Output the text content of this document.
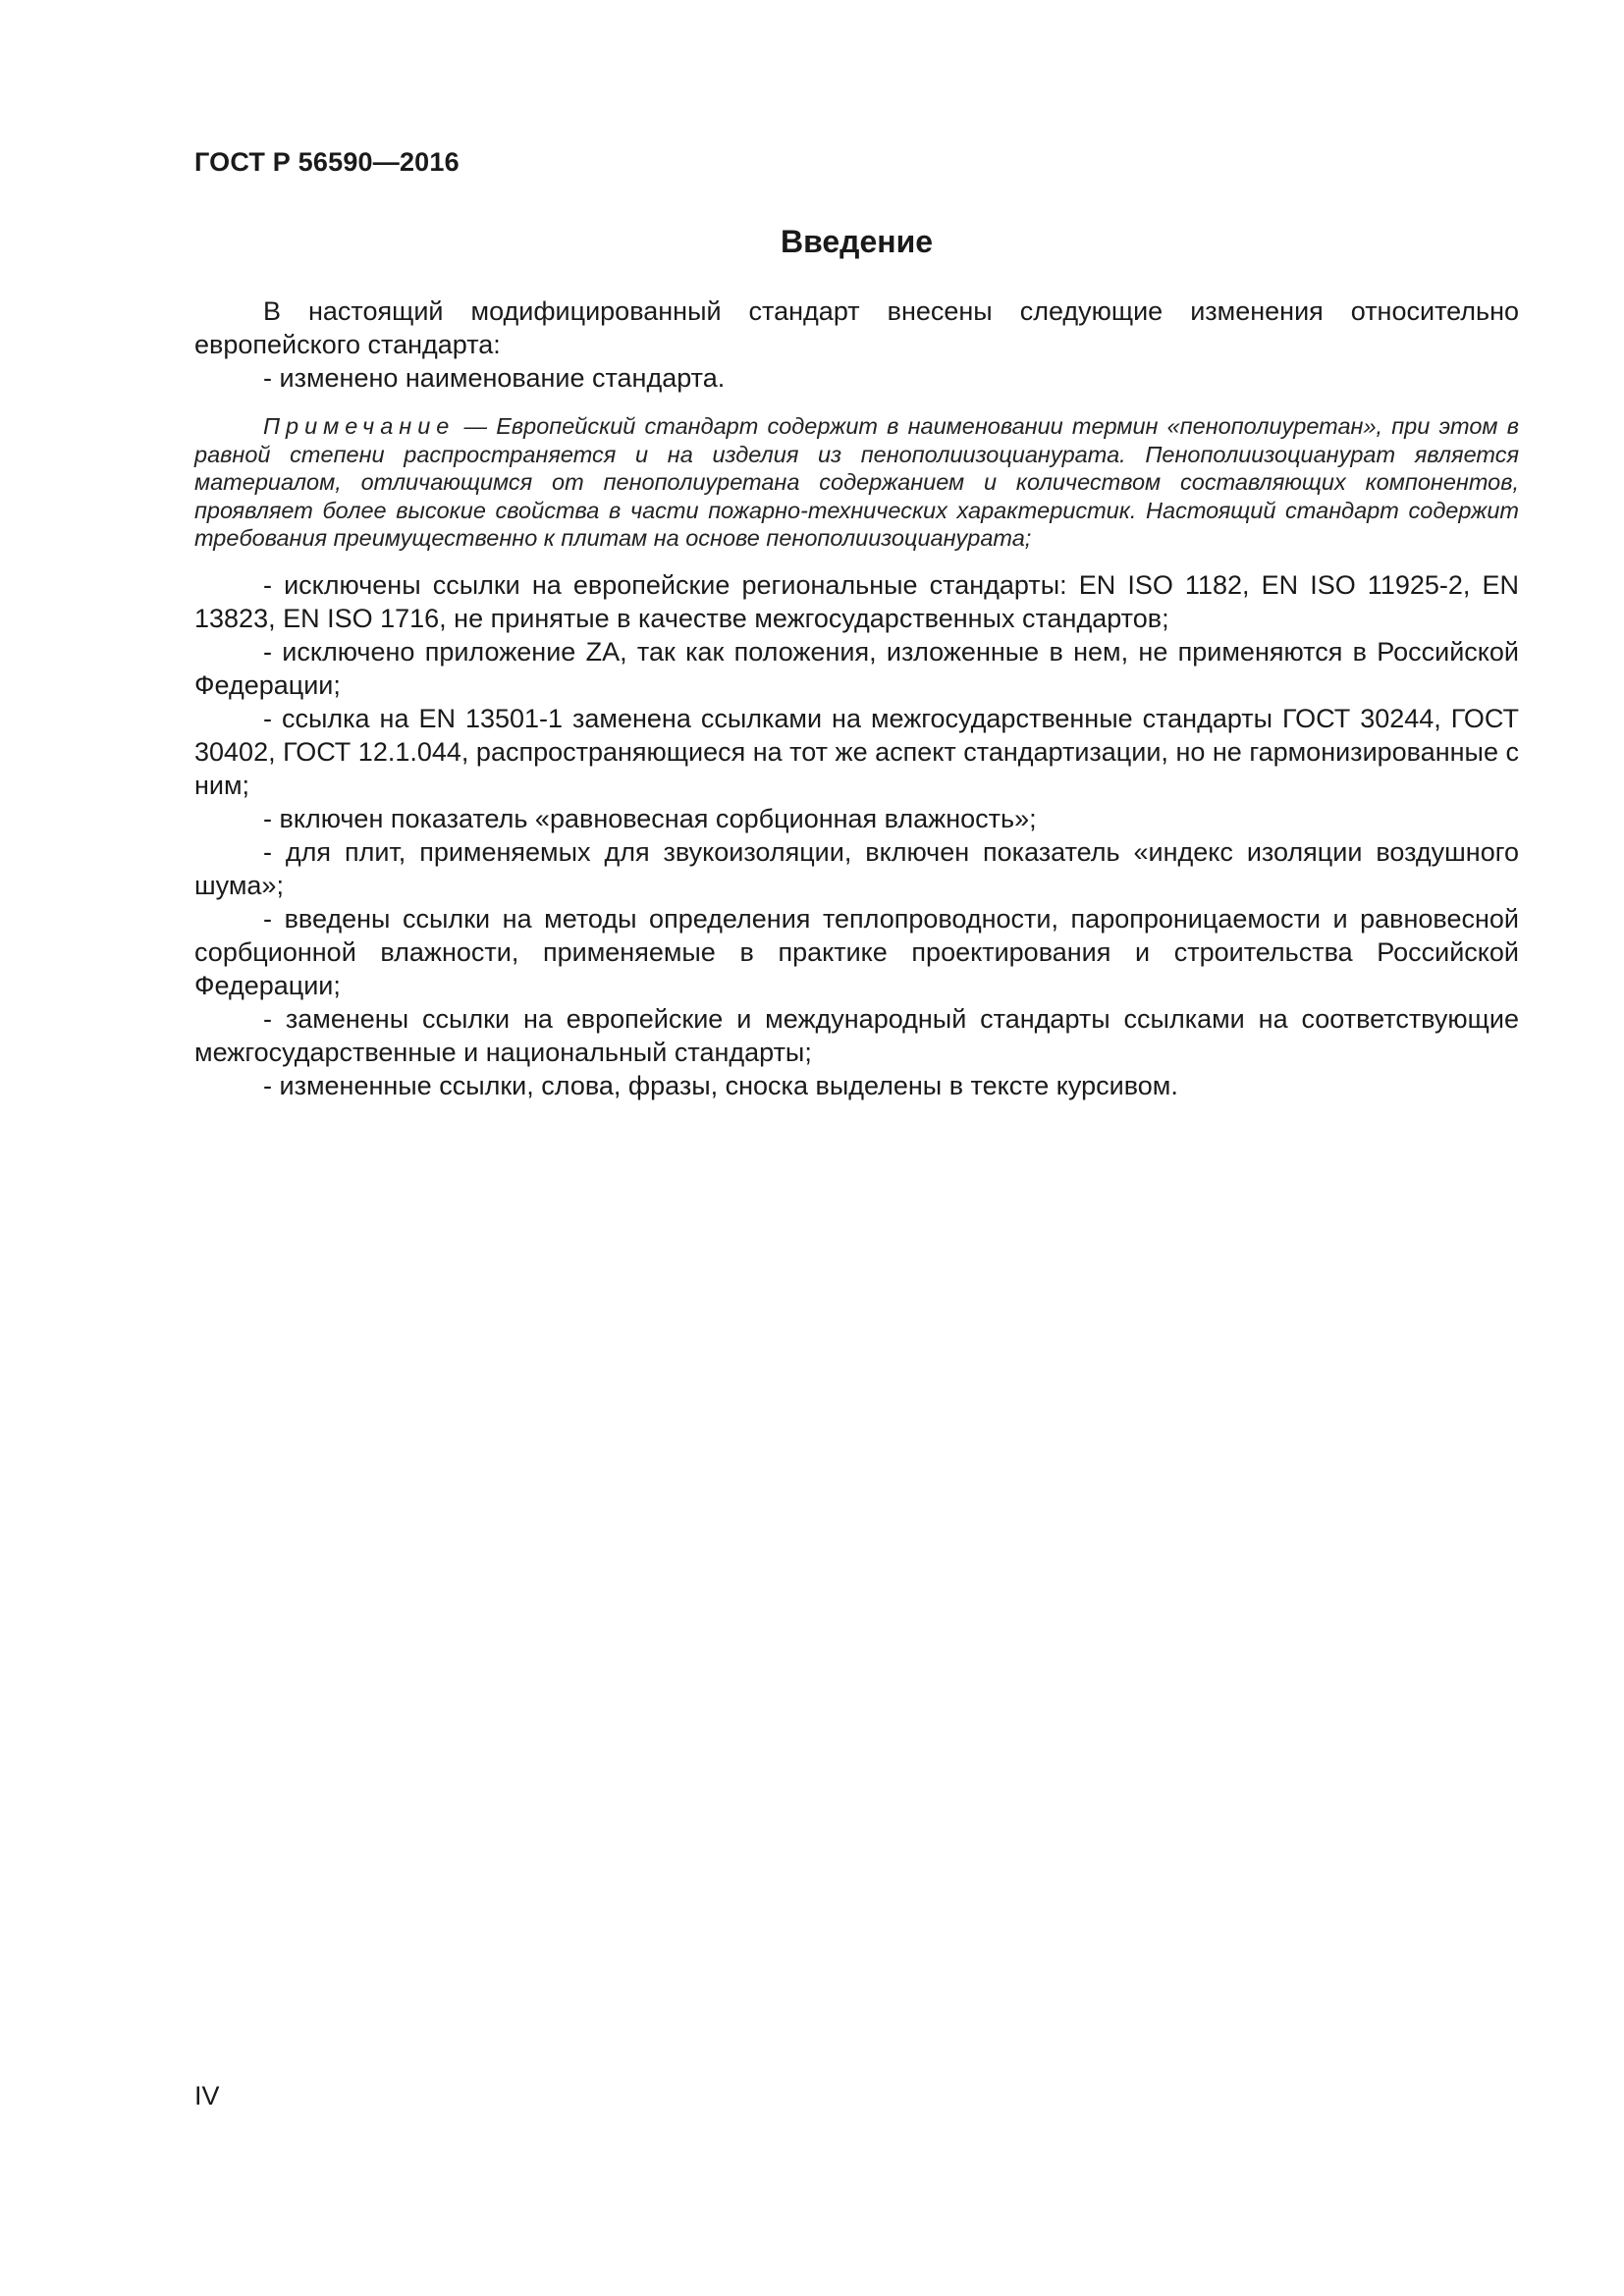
ГОСТ Р 56590—2016
Введение

В настоящий модифицированный стандарт внесены следующие изменения относительно европейского стандарта:

- изменено наименование стандарта.

Примечание — Европейский стандарт содержит в наименовании термин «пенополиуретан», при этом в равной степени распространяется и на изделия из пенополиизоцианурата. Пенополиизоцианурат является материалом, отличающимся от пенополиуретана содержанием и количеством составляющих компонентов, проявляет более высокие свойства в части пожарно-технических характеристик. Настоящий стандарт содержит требования преимущественно к плитам на основе пенополиизоцианурата;

- исключены ссылки на европейские региональные стандарты: EN ISO 1182, EN ISO 11925-2, EN 13823, EN ISO 1716, не принятые в качестве межгосударственных стандартов;

- исключено приложение ZA, так как положения, изложенные в нем, не применяются в Российской Федерации;

- ссылка на EN 13501-1 заменена ссылками на межгосударственные стандарты ГОСТ 30244, ГОСТ 30402, ГОСТ 12.1.044, распространяющиеся на тот же аспект стандартизации, но не гармонизированные с ним;

- включен показатель «равновесная сорбционная влажность»;

- для плит, применяемых для звукоизоляции, включен показатель «индекс изоляции воздушного шума»;

- введены ссылки на методы определения теплопроводности, паропроницаемости и равновесной сорбционной влажности, применяемые в практике проектирования и строительства Российской Федерации;

- заменены ссылки на европейские и международный стандарты ссылками на соответствующие межгосударственные и национальный стандарты;

- измененные ссылки, слова, фразы, сноска выделены в тексте курсивом.

IV
